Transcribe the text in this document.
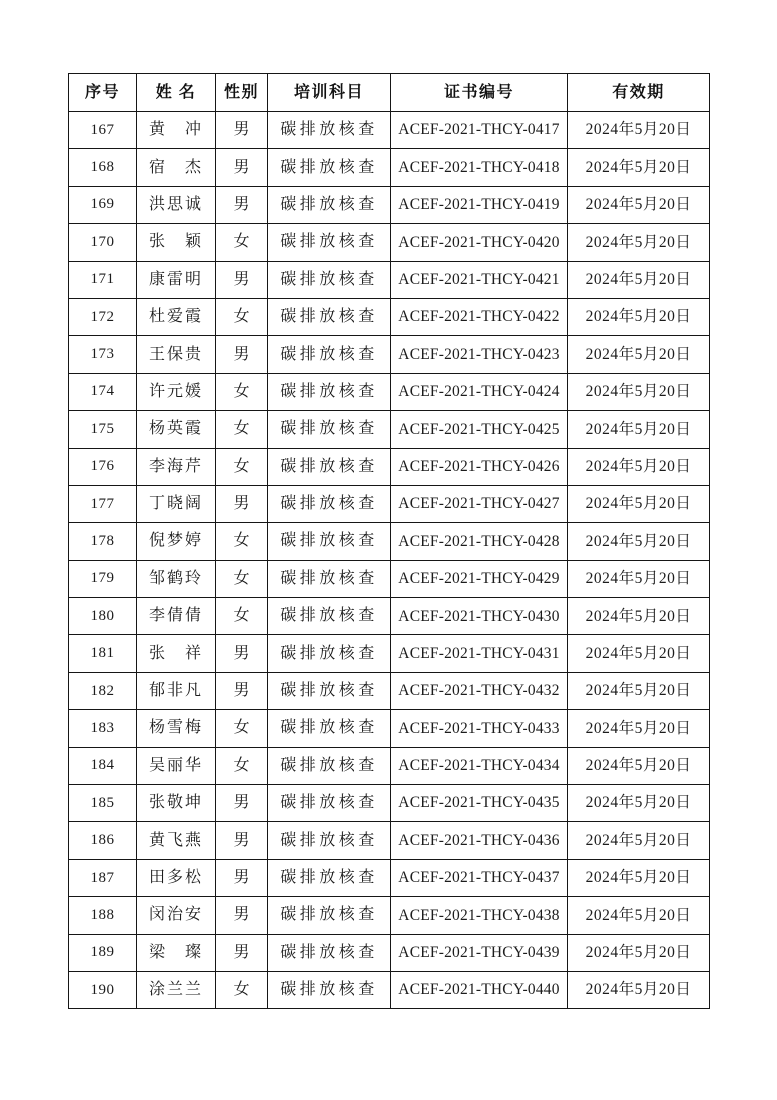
序号	姓 名	性别	培训科目	证书编号	有效期
167	黄　冲	男	碳排放核查	ACEF-2021-THCY-0417	2024年5月20日
168	宿　杰	男	碳排放核查	ACEF-2021-THCY-0418	2024年5月20日
169	洪思诚	男	碳排放核查	ACEF-2021-THCY-0419	2024年5月20日
170	张　颖	女	碳排放核查	ACEF-2021-THCY-0420	2024年5月20日
171	康雷明	男	碳排放核查	ACEF-2021-THCY-0421	2024年5月20日
172	杜爱霞	女	碳排放核查	ACEF-2021-THCY-0422	2024年5月20日
173	王保贵	男	碳排放核查	ACEF-2021-THCY-0423	2024年5月20日
174	许元媛	女	碳排放核查	ACEF-2021-THCY-0424	2024年5月20日
175	杨英霞	女	碳排放核查	ACEF-2021-THCY-0425	2024年5月20日
176	李海芹	女	碳排放核查	ACEF-2021-THCY-0426	2024年5月20日
177	丁晓阔	男	碳排放核查	ACEF-2021-THCY-0427	2024年5月20日
178	倪梦婷	女	碳排放核查	ACEF-2021-THCY-0428	2024年5月20日
179	邹鹤玲	女	碳排放核查	ACEF-2021-THCY-0429	2024年5月20日
180	李倩倩	女	碳排放核查	ACEF-2021-THCY-0430	2024年5月20日
181	张　祥	男	碳排放核查	ACEF-2021-THCY-0431	2024年5月20日
182	郁非凡	男	碳排放核查	ACEF-2021-THCY-0432	2024年5月20日
183	杨雪梅	女	碳排放核查	ACEF-2021-THCY-0433	2024年5月20日
184	吴丽华	女	碳排放核查	ACEF-2021-THCY-0434	2024年5月20日
185	张敬坤	男	碳排放核查	ACEF-2021-THCY-0435	2024年5月20日
186	黄飞燕	男	碳排放核查	ACEF-2021-THCY-0436	2024年5月20日
187	田多松	男	碳排放核查	ACEF-2021-THCY-0437	2024年5月20日
188	闵治安	男	碳排放核查	ACEF-2021-THCY-0438	2024年5月20日
189	梁　璨	男	碳排放核查	ACEF-2021-THCY-0439	2024年5月20日
190	涂兰兰	女	碳排放核查	ACEF-2021-THCY-0440	2024年5月20日
